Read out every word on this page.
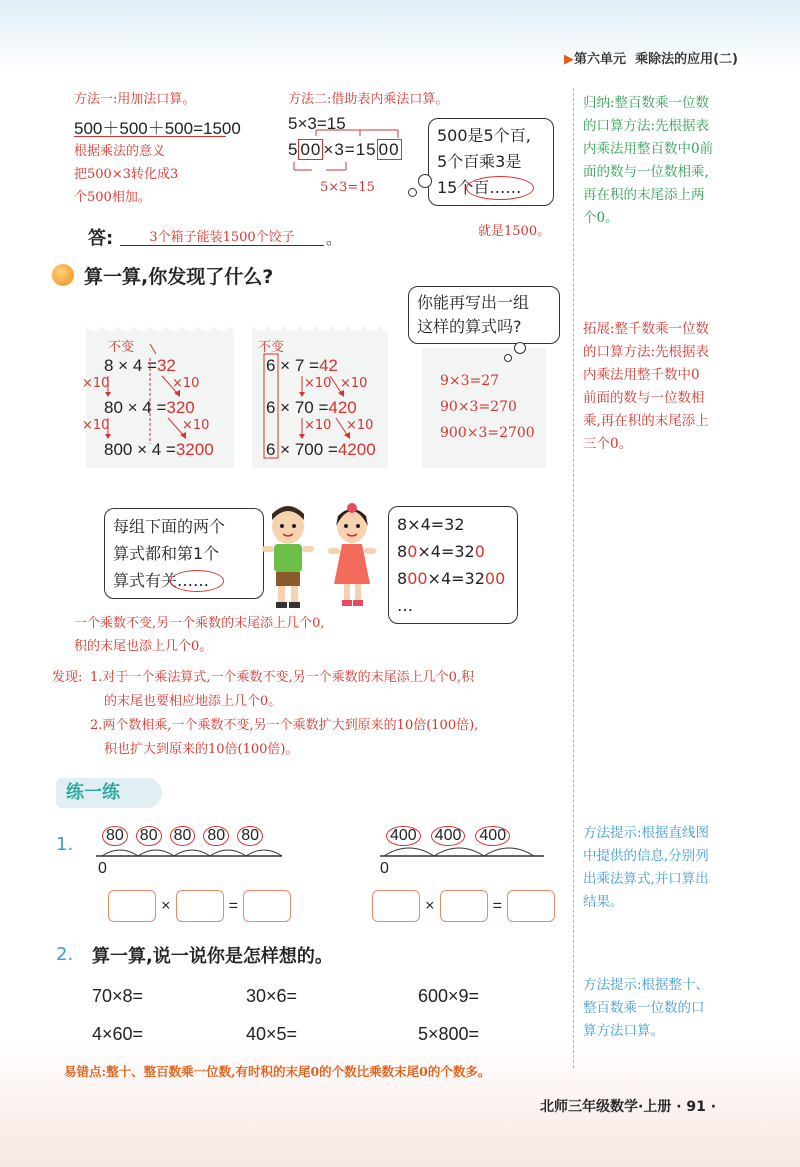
▶第六单元 乘除法的应用(二)
方法一:用加法口算。
500＋500＋500=1500
根据乘法的意义
把500×3转化成3
个500相加。
方法二:借助表内乘法口算。
5×3=15
5 00 ×3=15 00
5×3=15
500是5个百,
5个百乘3是
15个百……
就是1500。
答:	3个箱子能装1500个饺子	。
算一算,你发现了什么?
不变
8 × 4 =32
80 × 4 =320
800 × 4 =3200
×10
×10
×10
×10
不变
6 × 7 =42
6 × 70 =420
6 × 700 =4200
×10
×10
×10
×10
你能再写出一组
这样的算式吗?
9×3=27
90×3=270
900×3=2700
每组下面的两个
算式都和第1个
算式有关……
8×4=32
80×4=320
800×4=3200
…
一个乘数不变,另一个乘数的末尾添上几个0,
积的末尾也添上几个0。
发现: 1.对于一个乘法算式,一个乘数不变,另一个乘数的末尾添上几个0,积
的末尾也要相应地添上几个0。
2.两个数相乘,一个乘数不变,另一个乘数扩大到原来的10倍(100倍),
积也扩大到原来的10倍(100倍)。
练一练
1. 80 80 80 80 80	400 400 400
0	0
×	=	×	=
2. 算一算,说一说你是怎样想的。
70×8=	30×6=	600×9=
4×60=	40×5=	5×800=
易错点:整十、整百数乘一位数,有时积的末尾0的个数比乘数末尾0的个数多。
北师三年级数学·上册 · 91 ·
归纳:整百数乘一位数
的口算方法:先根据表
内乘法用整百数中0前
面的数与一位数相乘,
再在积的末尾添上两
个0。
拓展:整千数乘一位数
的口算方法:先根据表
内乘法用整千数中0
前面的数与一位数相
乘,再在积的末尾添上
三个0。
方法提示:根据直线图
中提供的信息,分别列
出乘法算式,并口算出
结果。
方法提示:根据整十、
整百数乘一位数的口
算方法口算。
